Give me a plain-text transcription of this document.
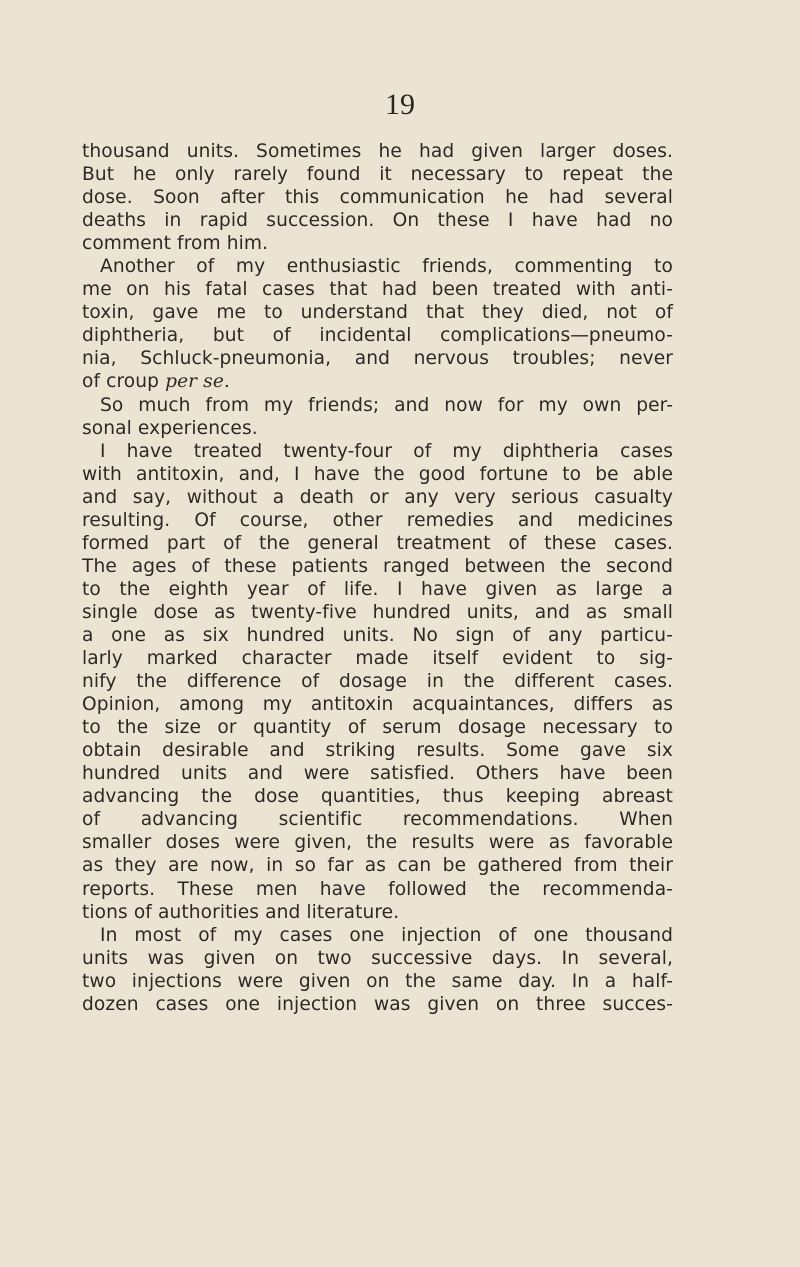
19
thousand units. Sometimes he had given larger doses.
But he only rarely found it necessary to repeat the
dose. Soon after this communication he had several
deaths in rapid succession. On these I have had no
comment from him.
Another of my enthusiastic friends, commenting to
me on his fatal cases that had been treated with anti-
toxin, gave me to understand that they died, not of
diphtheria, but of incidental complications—pneumo-
nia, Schluck-pneumonia, and nervous troubles; never
of croup per se.
So much from my friends; and now for my own per-
sonal experiences.
I have treated twenty-four of my diphtheria cases
with antitoxin, and, I have the good fortune to be able
and say, without a death or any very serious casualty
resulting. Of course, other remedies and medicines
formed part of the general treatment of these cases.
The ages of these patients ranged between the second
to the eighth year of life. I have given as large a
single dose as twenty-five hundred units, and as small
a one as six hundred units. No sign of any particu-
larly marked character made itself evident to sig-
nify the difference of dosage in the different cases.
Opinion, among my antitoxin acquaintances, differs as
to the size or quantity of serum dosage necessary to
obtain desirable and striking results. Some gave six
hundred units and were satisfied. Others have been
advancing the dose quantities, thus keeping abreast
of advancing scientific recommendations. When
smaller doses were given, the results were as favorable
as they are now, in so far as can be gathered from their
reports. These men have followed the recommenda-
tions of authorities and literature.
In most of my cases one injection of one thousand
units was given on two successive days. In several,
two injections were given on the same day. In a half-
dozen cases one injection was given on three succes-
